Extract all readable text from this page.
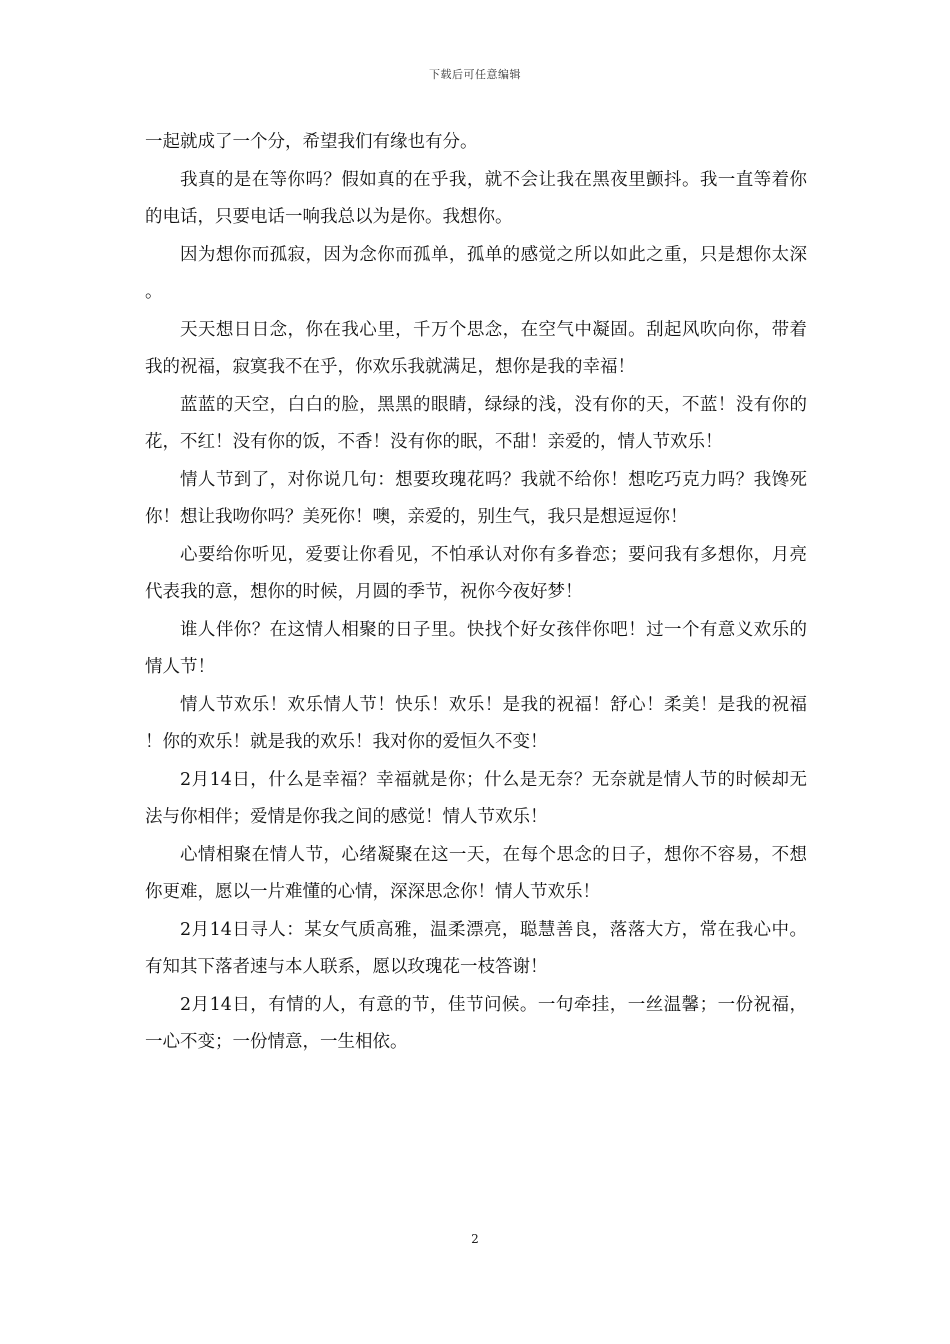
下载后可任意编辑

一起就成了一个分，希望我们有缘也有分。

我真的是在等你吗？假如真的在乎我，就不会让我在黑夜里颤抖。我一直等着你的电话，只要电话一响我总以为是你。我想你。

因为想你而孤寂，因为念你而孤单，孤单的感觉之所以如此之重，只是想你太深。

天天想日日念，你在我心里，千万个思念，在空气中凝固。刮起风吹向你，带着我的祝福，寂寞我不在乎，你欢乐我就满足，想你是我的幸福！

蓝蓝的天空，白白的脸，黑黑的眼睛，绿绿的浅，没有你的天，不蓝！没有你的花，不红！没有你的饭，不香！没有你的眠，不甜！亲爱的，情人节欢乐！

情人节到了，对你说几句：想要玫瑰花吗？我就不给你！想吃巧克力吗？我馋死你！想让我吻你吗？美死你！噢，亲爱的，别生气，我只是想逗逗你！

心要给你听见，爱要让你看见，不怕承认对你有多眷恋；要问我有多想你，月亮代表我的意，想你的时候，月圆的季节，祝你今夜好梦！

谁人伴你？在这情人相聚的日子里。快找个好女孩伴你吧！过一个有意义欢乐的情人节！

情人节欢乐！欢乐情人节！快乐！欢乐！是我的祝福！舒心！柔美！是我的祝福！你的欢乐！就是我的欢乐！我对你的爱恒久不变！

2月14日，什么是幸福？幸福就是你；什么是无奈？无奈就是情人节的时候却无法与你相伴；爱情是你我之间的感觉！情人节欢乐！

心情相聚在情人节，心绪凝聚在这一天，在每个思念的日子，想你不容易，不想你更难，愿以一片难懂的心情，深深思念你！情人节欢乐！

2月14日寻人：某女气质高雅，温柔漂亮，聪慧善良，落落大方，常在我心中。有知其下落者速与本人联系，愿以玫瑰花一枝答谢！

2月14日，有情的人，有意的节，佳节问候。一句牵挂，一丝温馨；一份祝福，一心不变；一份情意，一生相依。

2
